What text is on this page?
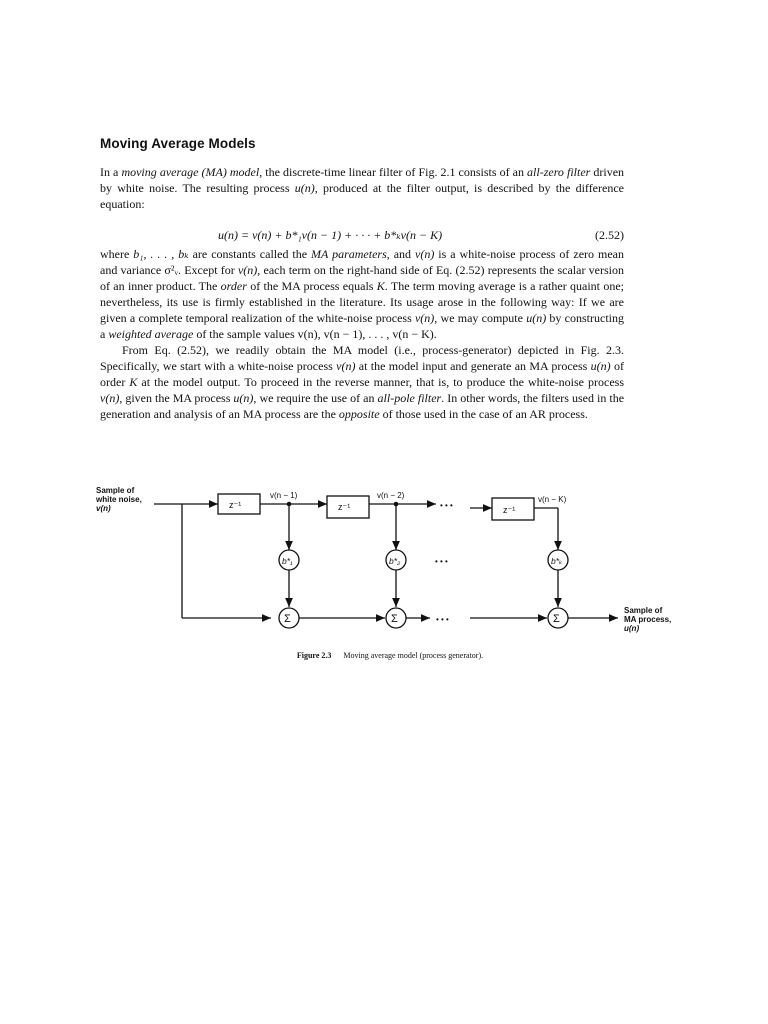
Moving Average Models

In a moving average (MA) model, the discrete-time linear filter of Fig. 2.1 consists of an all-zero filter driven by white noise. The resulting process u(n), produced at the filter output, is described by the difference equation:

u(n) = v(n) + b*₁v(n − 1) + · · · + b*ₖv(n − K)	(2.52)

where b₁, . . . , bₖ are constants called the MA parameters, and v(n) is a white-noise process of zero mean and variance σ²ᵥ. Except for v(n), each term on the right-hand side of Eq. (2.52) represents the scalar version of an inner product. The order of the MA process equals K. The term moving average is a rather quaint one; nevertheless, its use is firmly established in the literature. Its usage arose in the following way: If we are given a complete temporal realization of the white-noise process v(n), we may compute u(n) by constructing a weighted average of the sample values v(n), v(n − 1), . . . , v(n − K).

From Eq. (2.52), we readily obtain the MA model (i.e., process-generator) depicted in Fig. 2.3. Specifically, we start with a white-noise process v(n) at the model input and generate an MA process u(n) of order K at the model output. To proceed in the reverse manner, that is, to produce the white-noise process v(n), given the MA process u(n), we require the use of an all-pole filter. In other words, the filters used in the generation and analysis of an MA process are the opposite of those used in the case of an AR process.

z⁻¹	z⁻¹	z⁻¹
v(n − 1)	v(n − 2)	v(n − K)
b*₁	b*₂	b*ₖ
Σ	Σ	Σ
• • •
• • •
• • •
Sample of
white noise,
v(n)
Sample of
MA process,
u(n)
Figure 2.3 Moving average model (process generator).
